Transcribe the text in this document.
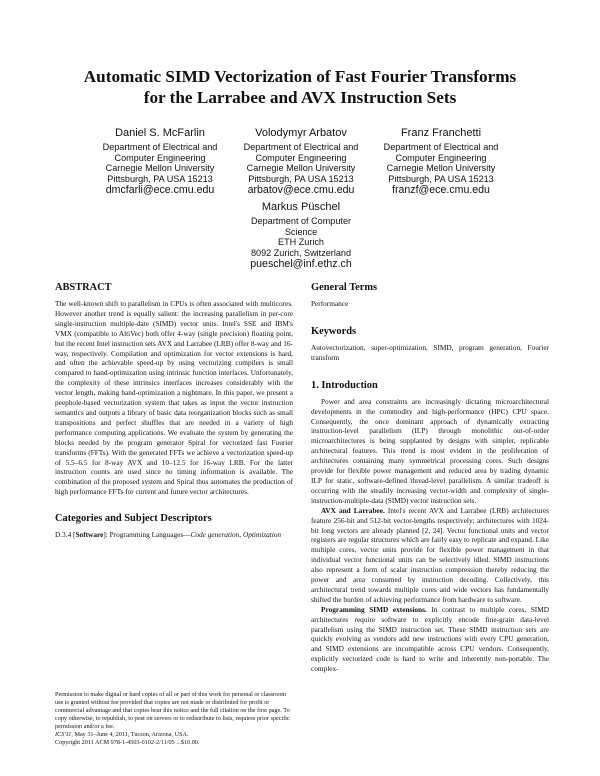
Automatic SIMD Vectorization of Fast Fourier Transforms
for the Larrabee and AVX Instruction Sets
Daniel S. McFarlin
Department of Electrical and
Computer Engineering
Carnegie Mellon University
Pittsburgh, PA USA 15213
dmcfarli@ece.cmu.edu
Volodymyr Arbatov
Department of Electrical and
Computer Engineering
Carnegie Mellon University
Pittsburgh, PA USA 15213
arbatov@ece.cmu.edu
Franz Franchetti
Department of Electrical and
Computer Engineering
Carnegie Mellon University
Pittsburgh, PA USA 15213
franzf@ece.cmu.edu
Markus Püschel
Department of Computer
Science
ETH Zurich
8092 Zurich, Switzerland
pueschel@inf.ethz.ch
ABSTRACT

The well-known shift to parallelism in CPUs is often associated with multicores. However another trend is equally salient: the increasing parallelism in per-core single-instruction multiple-date (SIMD) vector units. Intel's SSE and IBM's VMX (compatible to AltiVec) both offer 4-way (single precision) floating point, but the recent Intel instruction sets AVX and Larrabee (LRB) offer 8-way and 16-way, respectively. Compilation and optimization for vector extensions is hard, and often the achievable speed-up by using vectorizing compilers is small compared to hand-optimization using intrinsic function interfaces. Unfortunately, the complexity of these intrinsics interfaces increases considerably with the vector length, making hand-optimization a nightmare. In this paper, we present a peephole-based vectorization system that takes as input the vector instruction semantics and outputs a library of basic data reorganization blocks such as small transpositions and perfect shuffles that are needed in a variety of high performance computing applications. We evaluate the system by generating the blocks needed by the program generator Spiral for vectorized fast Fourier transforms (FFTs). With the generated FFTs we achieve a vectorization speed-up of 5.5–6.5 for 8-way AVX and 10–12.5 for 16-way LRB. For the latter instruction counts are used since no timing information is available. The combination of the proposed system and Spiral thus automates the production of high performance FFTs for current and future vector architectures.

Categories and Subject Descriptors

D.3.4 [Software]: Programming Languages—Code generation, Optimization

Permission to make digital or hard copies of all or part of this work for personal or classroom use is granted without fee provided that copies are not made or distributed for profit or commercial advantage and that copies bear this notice and the full citation on the first page. To copy otherwise, to republish, to post on servers or to redistribute to lists, requires prior specific permission and/or a fee.

ICS'11, May 31–June 4, 2011, Tucson, Arizona, USA.

Copyright 2011 ACM 978-1-4503-0102-2/11/05 ...$10.00.

General Terms

Performance

Keywords

Autovectorization, super-optimization, SIMD, program generation, Fourier transform

1. Introduction

Power and area constraints are increasingly dictating microarchitectural developments in the commodity and high-performance (HPC) CPU space. Consequently, the once dominant approach of dynamically extracting instruction-level parallelism (ILP) through monolithic out-of-order microarchitectures is being supplanted by designs with simpler, replicable architectural features. This trend is most evident in the proliferation of architectures containing many symmetrical processing cores. Such designs provide for flexible power management and reduced area by trading dynamic ILP for static, software-defined thread-level parallelism. A similar tradeoff is occurring with the steadily increasing vector-width and complexity of single-instruction-multiple-data (SIMD) vector instruction sets.

AVX and Larrabee. Intel's recent AVX and Larrabee (LRB) architectures feature 256-bit and 512-bit vector-lengths respectively; architectures with 1024-bit long vectors are already planned [2, 24]. Vector functional units and vector registers are regular structures which are fairly easy to replicate and expand. Like multiple cores, vector units provide for flexible power management in that individual vector functional units can be selectively idled. SIMD instructions also represent a form of scalar instruction compression thereby reducing the power and area consumed by instruction decoding. Collectively, this architectural trend towards multiple cores and wide vectors has fundamentally shifted the burden of achieving performance from hardware to software.

Programming SIMD extensions. In contrast to multiple cores, SIMD architectures require software to explicitly encode fine-grain data-level parallelism using the SIMD instruction set. These SIMD instruction sets are quickly evolving as vendors add new instructions with every CPU generation, and SIMD extensions are incompatible across CPU vendors. Consequently, explicitly vectorized code is hard to write and inherently non-portable. The complex-
